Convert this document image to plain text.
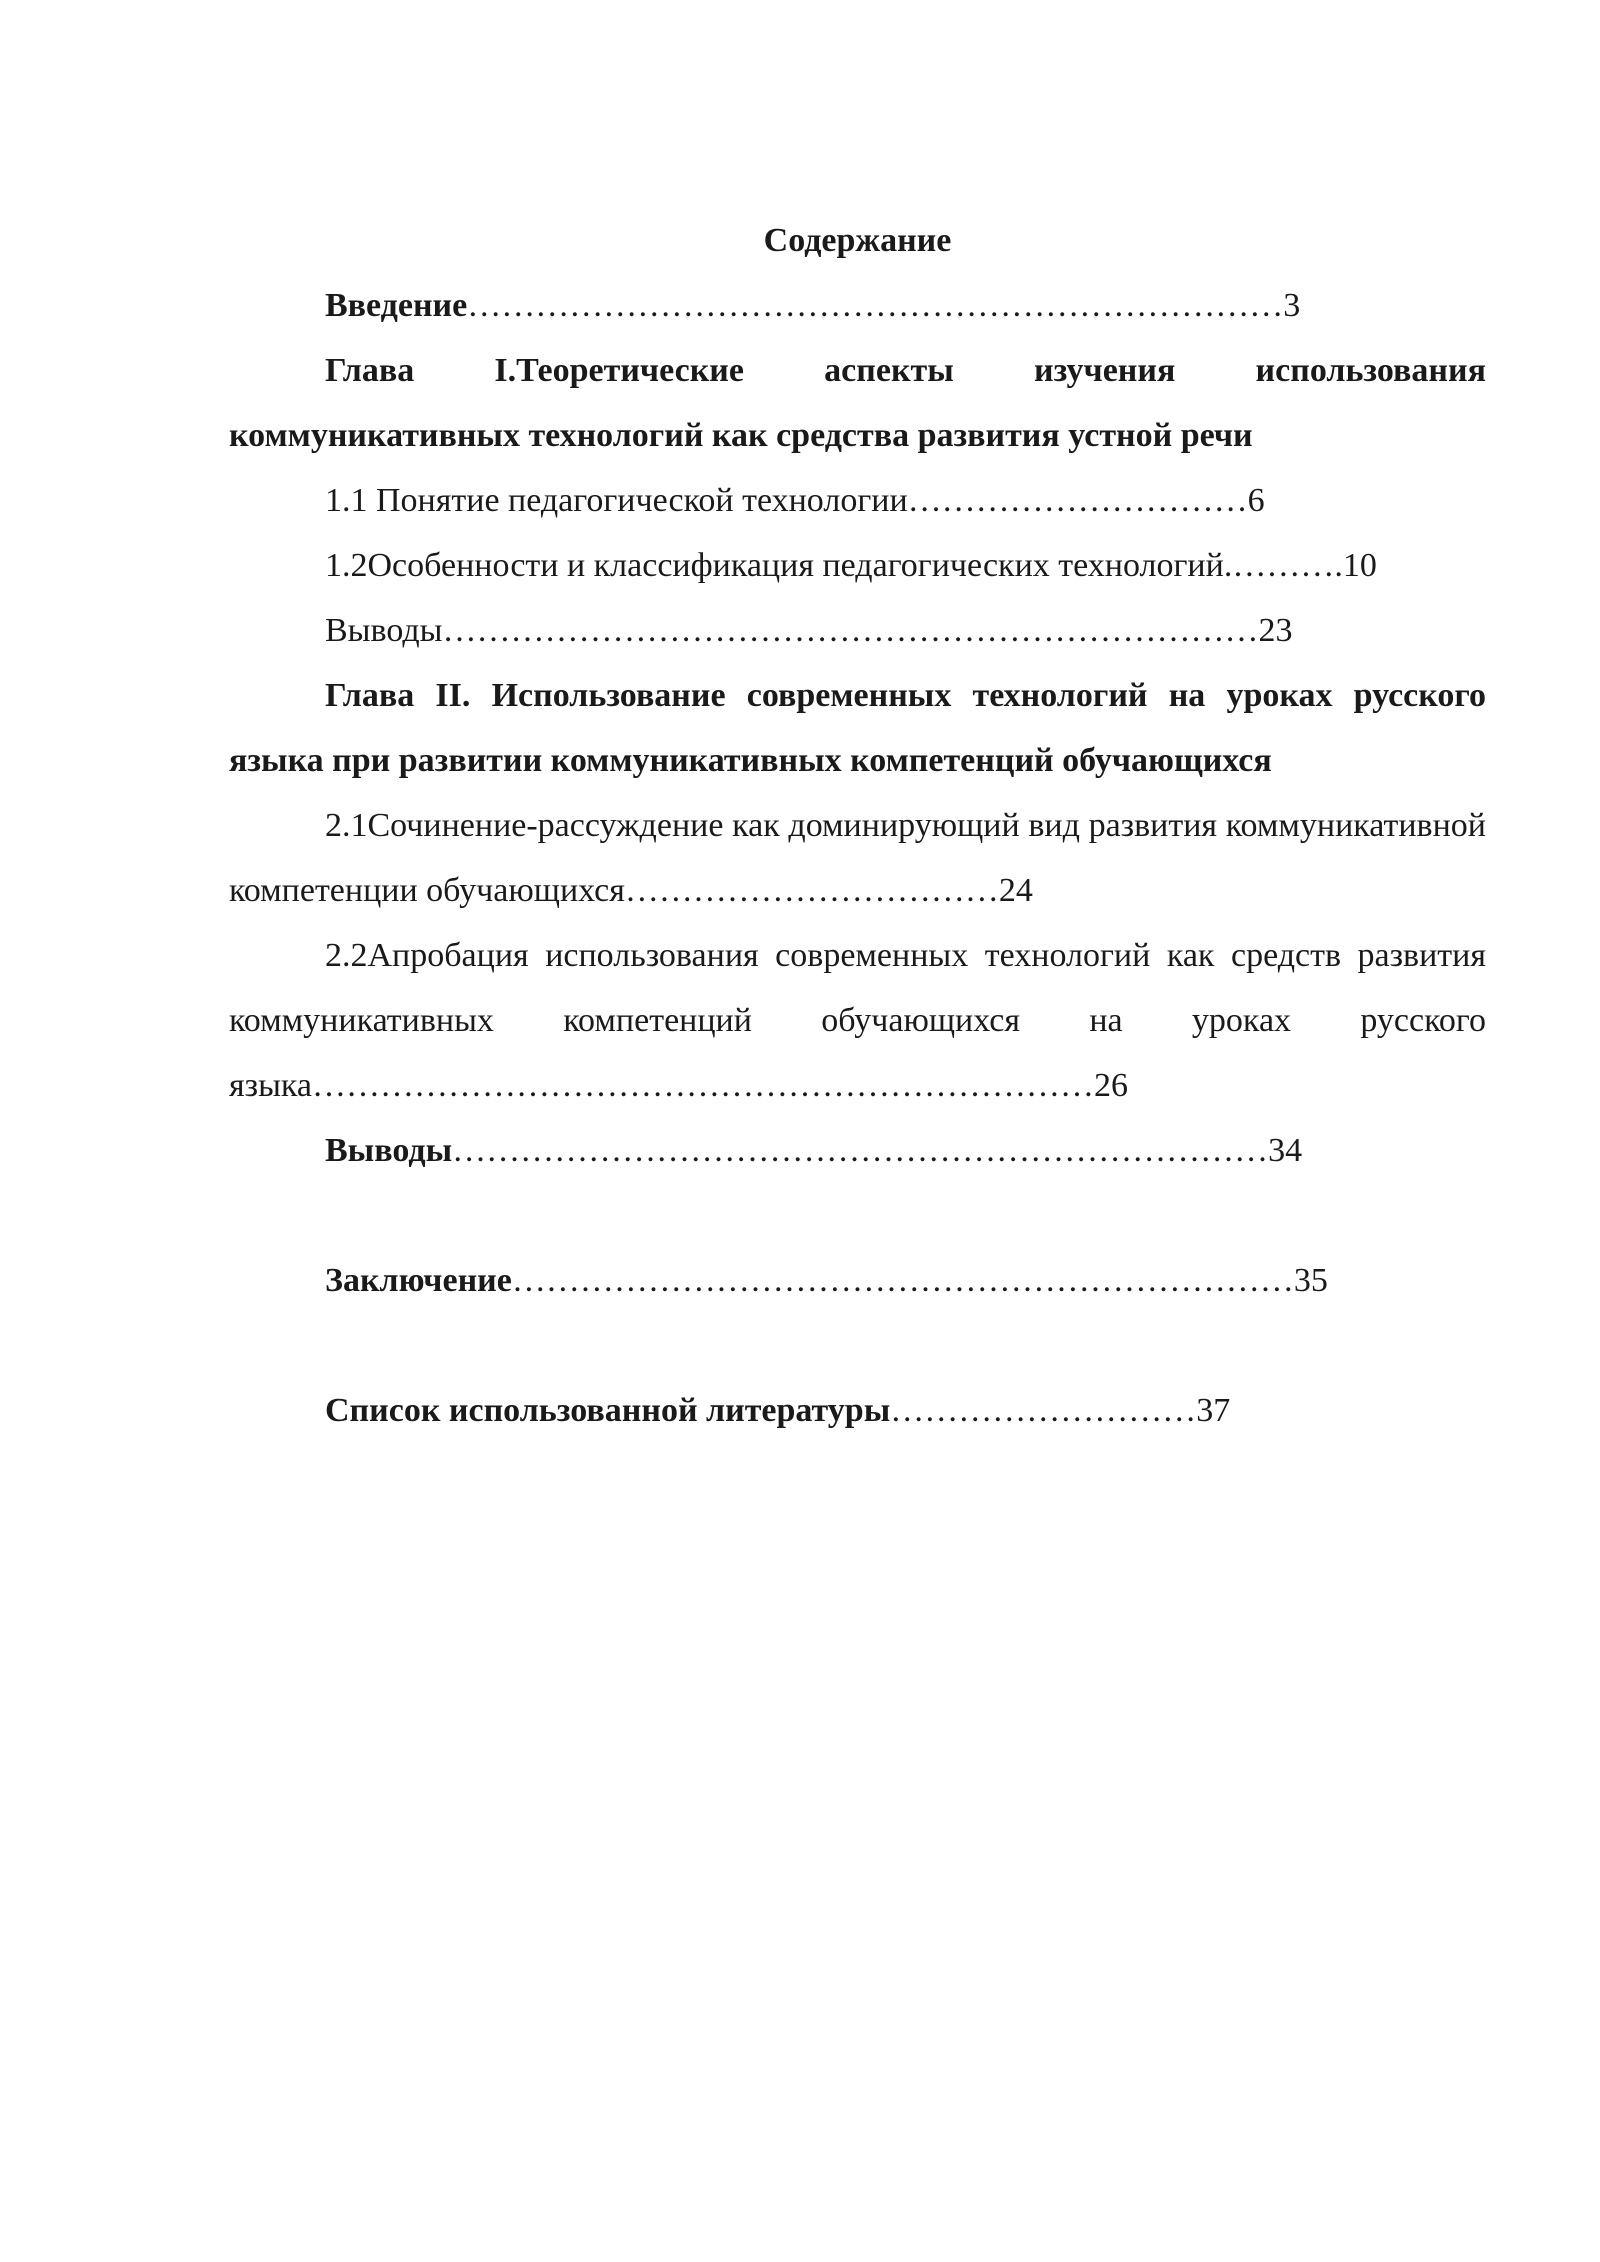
Содержание

Введение………………………………………………………………3

Глава I.Теоретические аспекты изучения использования коммуникативных технологий как средства развития устной речи

1.1 Понятие педагогической технологии…………………………6

1.2Особенности и классификация педагогических технологий.……….10

Выводы………………………………………………………………23

Глава II. Использование современных технологий на уроках русского языка при развитии коммуникативных компетенций обучающихся

2.1Сочинение-рассуждение как доминирующий вид развития коммуникативной компетенции обучающихся……………………………24

2.2Апробация использования современных технологий как средств развития коммуникативных компетенций обучающихся на уроках русского языка……………………………………………………………26

Выводы………………………………………………………………34

Заключение……………………………………………………………35

Список использованной литературы………………………37
